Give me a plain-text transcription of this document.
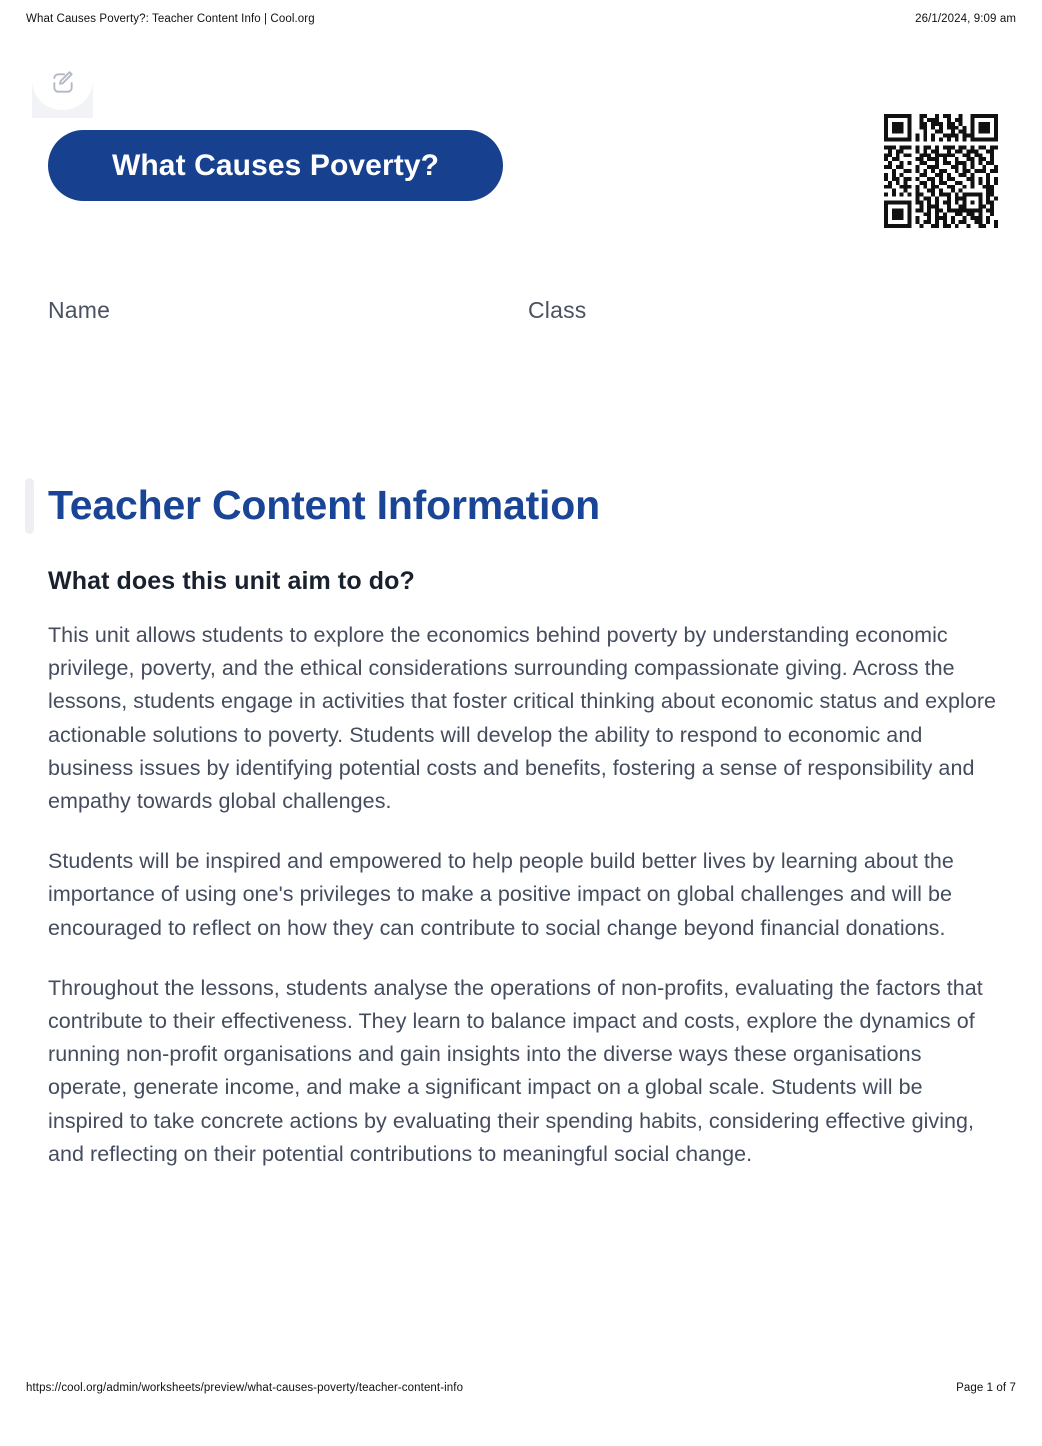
What Causes Poverty?: Teacher Content Info | Cool.org	26/1/2024, 9:09 am
What Causes Poverty?
Name	Class
Teacher Content Information
What does this unit aim to do?

This unit allows students to explore the economics behind poverty by understanding economic privilege, poverty, and the ethical considerations surrounding compassionate giving. Across the lessons, students engage in activities that foster critical thinking about economic status and explore actionable solutions to poverty. Students will develop the ability to respond to economic and business issues by identifying potential costs and benefits, fostering a sense of responsibility and empathy towards global challenges.

Students will be inspired and empowered to help people build better lives by learning about the importance of using one's privileges to make a positive impact on global challenges and will be encouraged to reflect on how they can contribute to social change beyond financial donations.

Throughout the lessons, students analyse the operations of non-profits, evaluating the factors that contribute to their effectiveness. They learn to balance impact and costs, explore the dynamics of running non-profit organisations and gain insights into the diverse ways these organisations operate, generate income, and make a significant impact on a global scale. Students will be inspired to take concrete actions by evaluating their spending habits, considering effective giving, and reflecting on their potential contributions to meaningful social change.

https://cool.org/admin/worksheets/preview/what-causes-poverty/teacher-content-info	Page 1 of 7
